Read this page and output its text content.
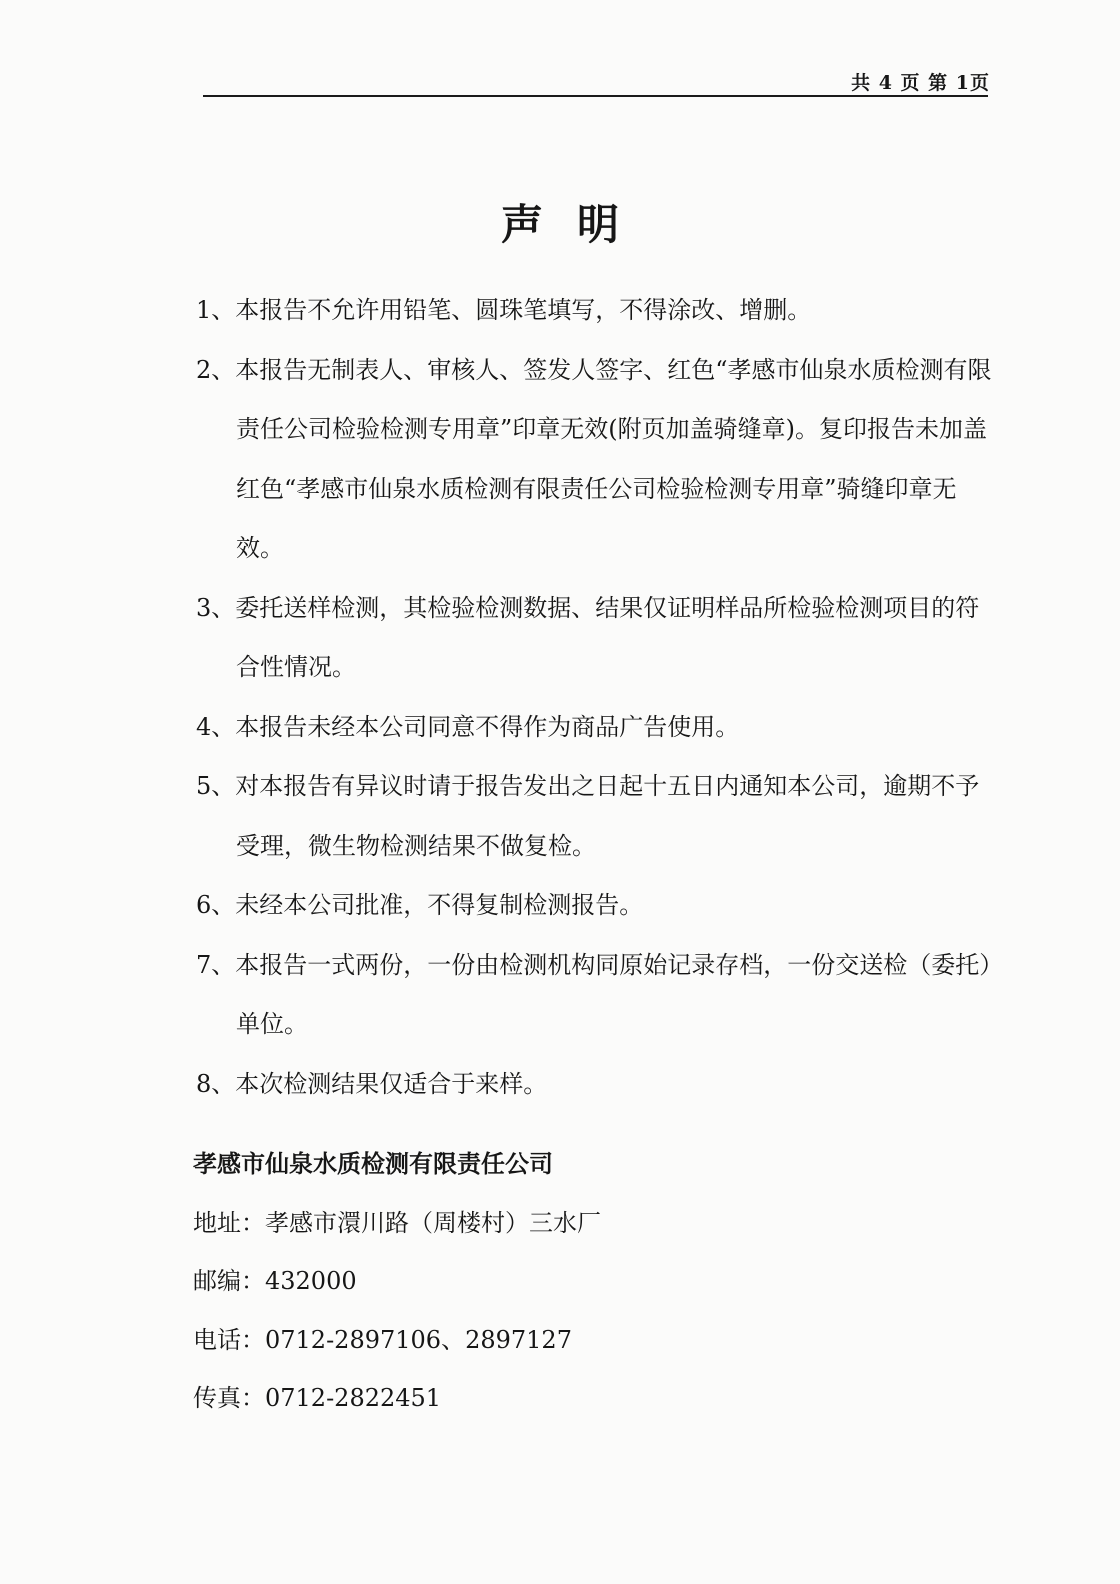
共 4 页 第 1页
声明
1、本报告不允许用铅笔、圆珠笔填写，不得涂改、增删。
2、本报告无制表人、审核人、签发人签字、红色“孝感市仙泉水质检测有限责任公司检验检测专用章”印章无效(附页加盖骑缝章)。复印报告未加盖红色“孝感市仙泉水质检测有限责任公司检验检测专用章”骑缝印章无效。
3、委托送样检测，其检验检测数据、结果仅证明样品所检验检测项目的符合性情况。
4、本报告未经本公司同意不得作为商品广告使用。
5、对本报告有异议时请于报告发出之日起十五日内通知本公司，逾期不予受理，微生物检测结果不做复检。
6、未经本公司批准，不得复制检测报告。
7、本报告一式两份，一份由检测机构同原始记录存档，一份交送检（委托）单位。
8、本次检测结果仅适合于来样。
孝感市仙泉水质检测有限责任公司
地址：孝感市澴川路（周楼村）三水厂
邮编：432000
电话：0712-2897106、2897127
传真：0712-2822451
